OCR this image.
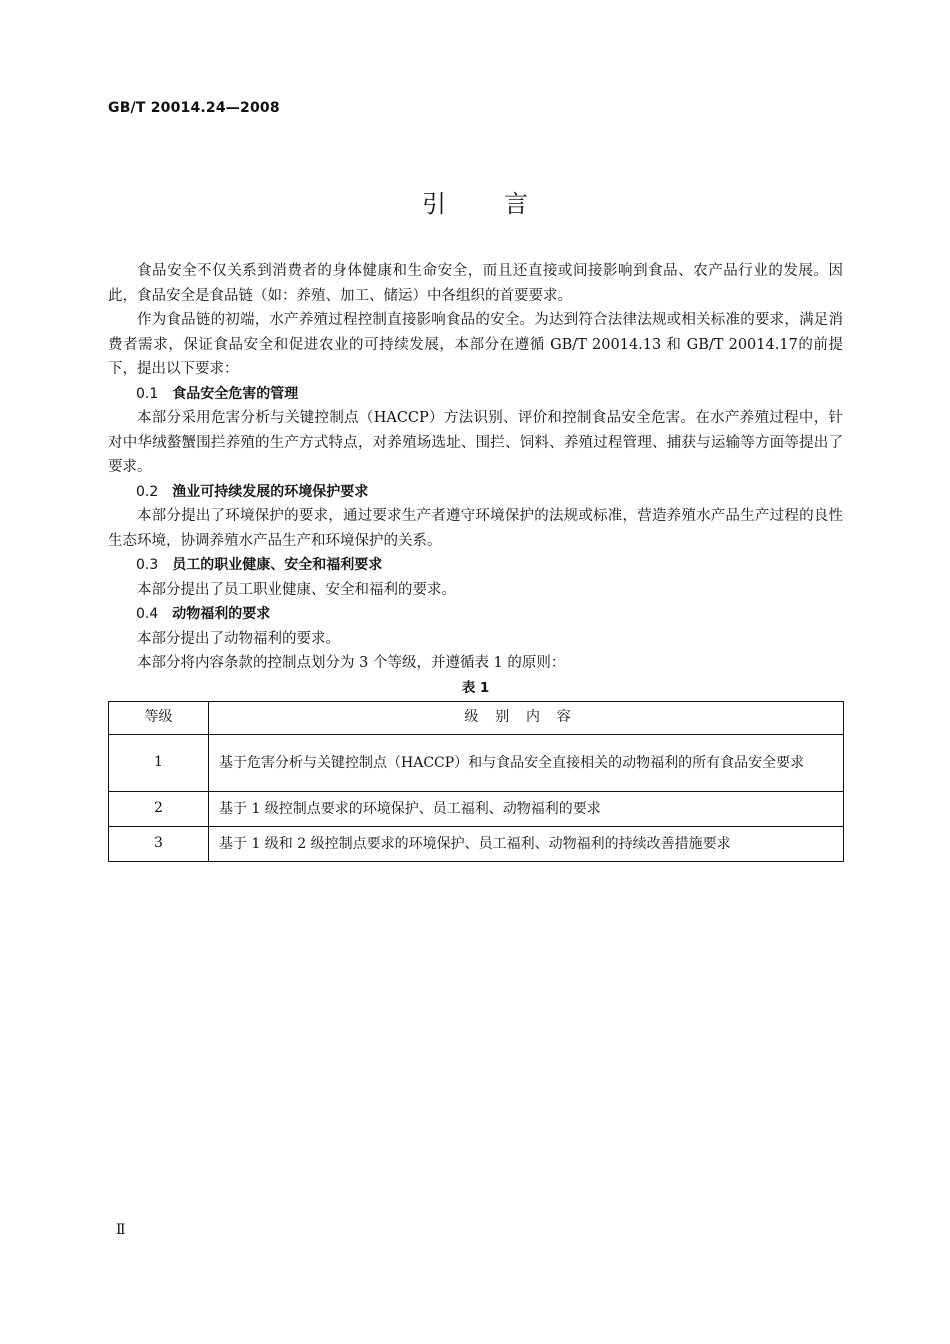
GB/T 20014.24—2008
引 言

食品安全不仅关系到消费者的身体健康和生命安全，而且还直接或间接影响到食品、农产品行业的发展。因此，食品安全是食品链（如：养殖、加工、储运）中各组织的首要要求。

作为食品链的初端，水产养殖过程控制直接影响食品的安全。为达到符合法律法规或相关标准的要求，满足消费者需求，保证食品安全和促进农业的可持续发展，本部分在遵循 GB/T 20014.13 和 GB/T 20014.17的前提下，提出以下要求：

0.1 食品安全危害的管理

本部分采用危害分析与关键控制点（HACCP）方法识别、评价和控制食品安全危害。在水产养殖过程中，针对中华绒螯蟹围拦养殖的生产方式特点，对养殖场选址、围拦、饲料、养殖过程管理、捕获与运输等方面等提出了要求。

0.2 渔业可持续发展的环境保护要求

本部分提出了环境保护的要求，通过要求生产者遵守环境保护的法规或标准，营造养殖水产品生产过程的良性生态环境，协调养殖水产品生产和环境保护的关系。

0.3 员工的职业健康、安全和福利要求

本部分提出了员工职业健康、安全和福利的要求。

0.4 动物福利的要求

本部分提出了动物福利的要求。

本部分将内容条款的控制点划分为 3 个等级，并遵循表 1 的原则：

表 1
等级	级别内容
1	基于危害分析与关键控制点（HACCP）和与食品安全直接相关的动物福利的所有食品安全要求
2	基于 1 级控制点要求的环境保护、员工福利、动物福利的要求
3	基于 1 级和 2 级控制点要求的环境保护、员工福利、动物福利的持续改善措施要求
Ⅱ
